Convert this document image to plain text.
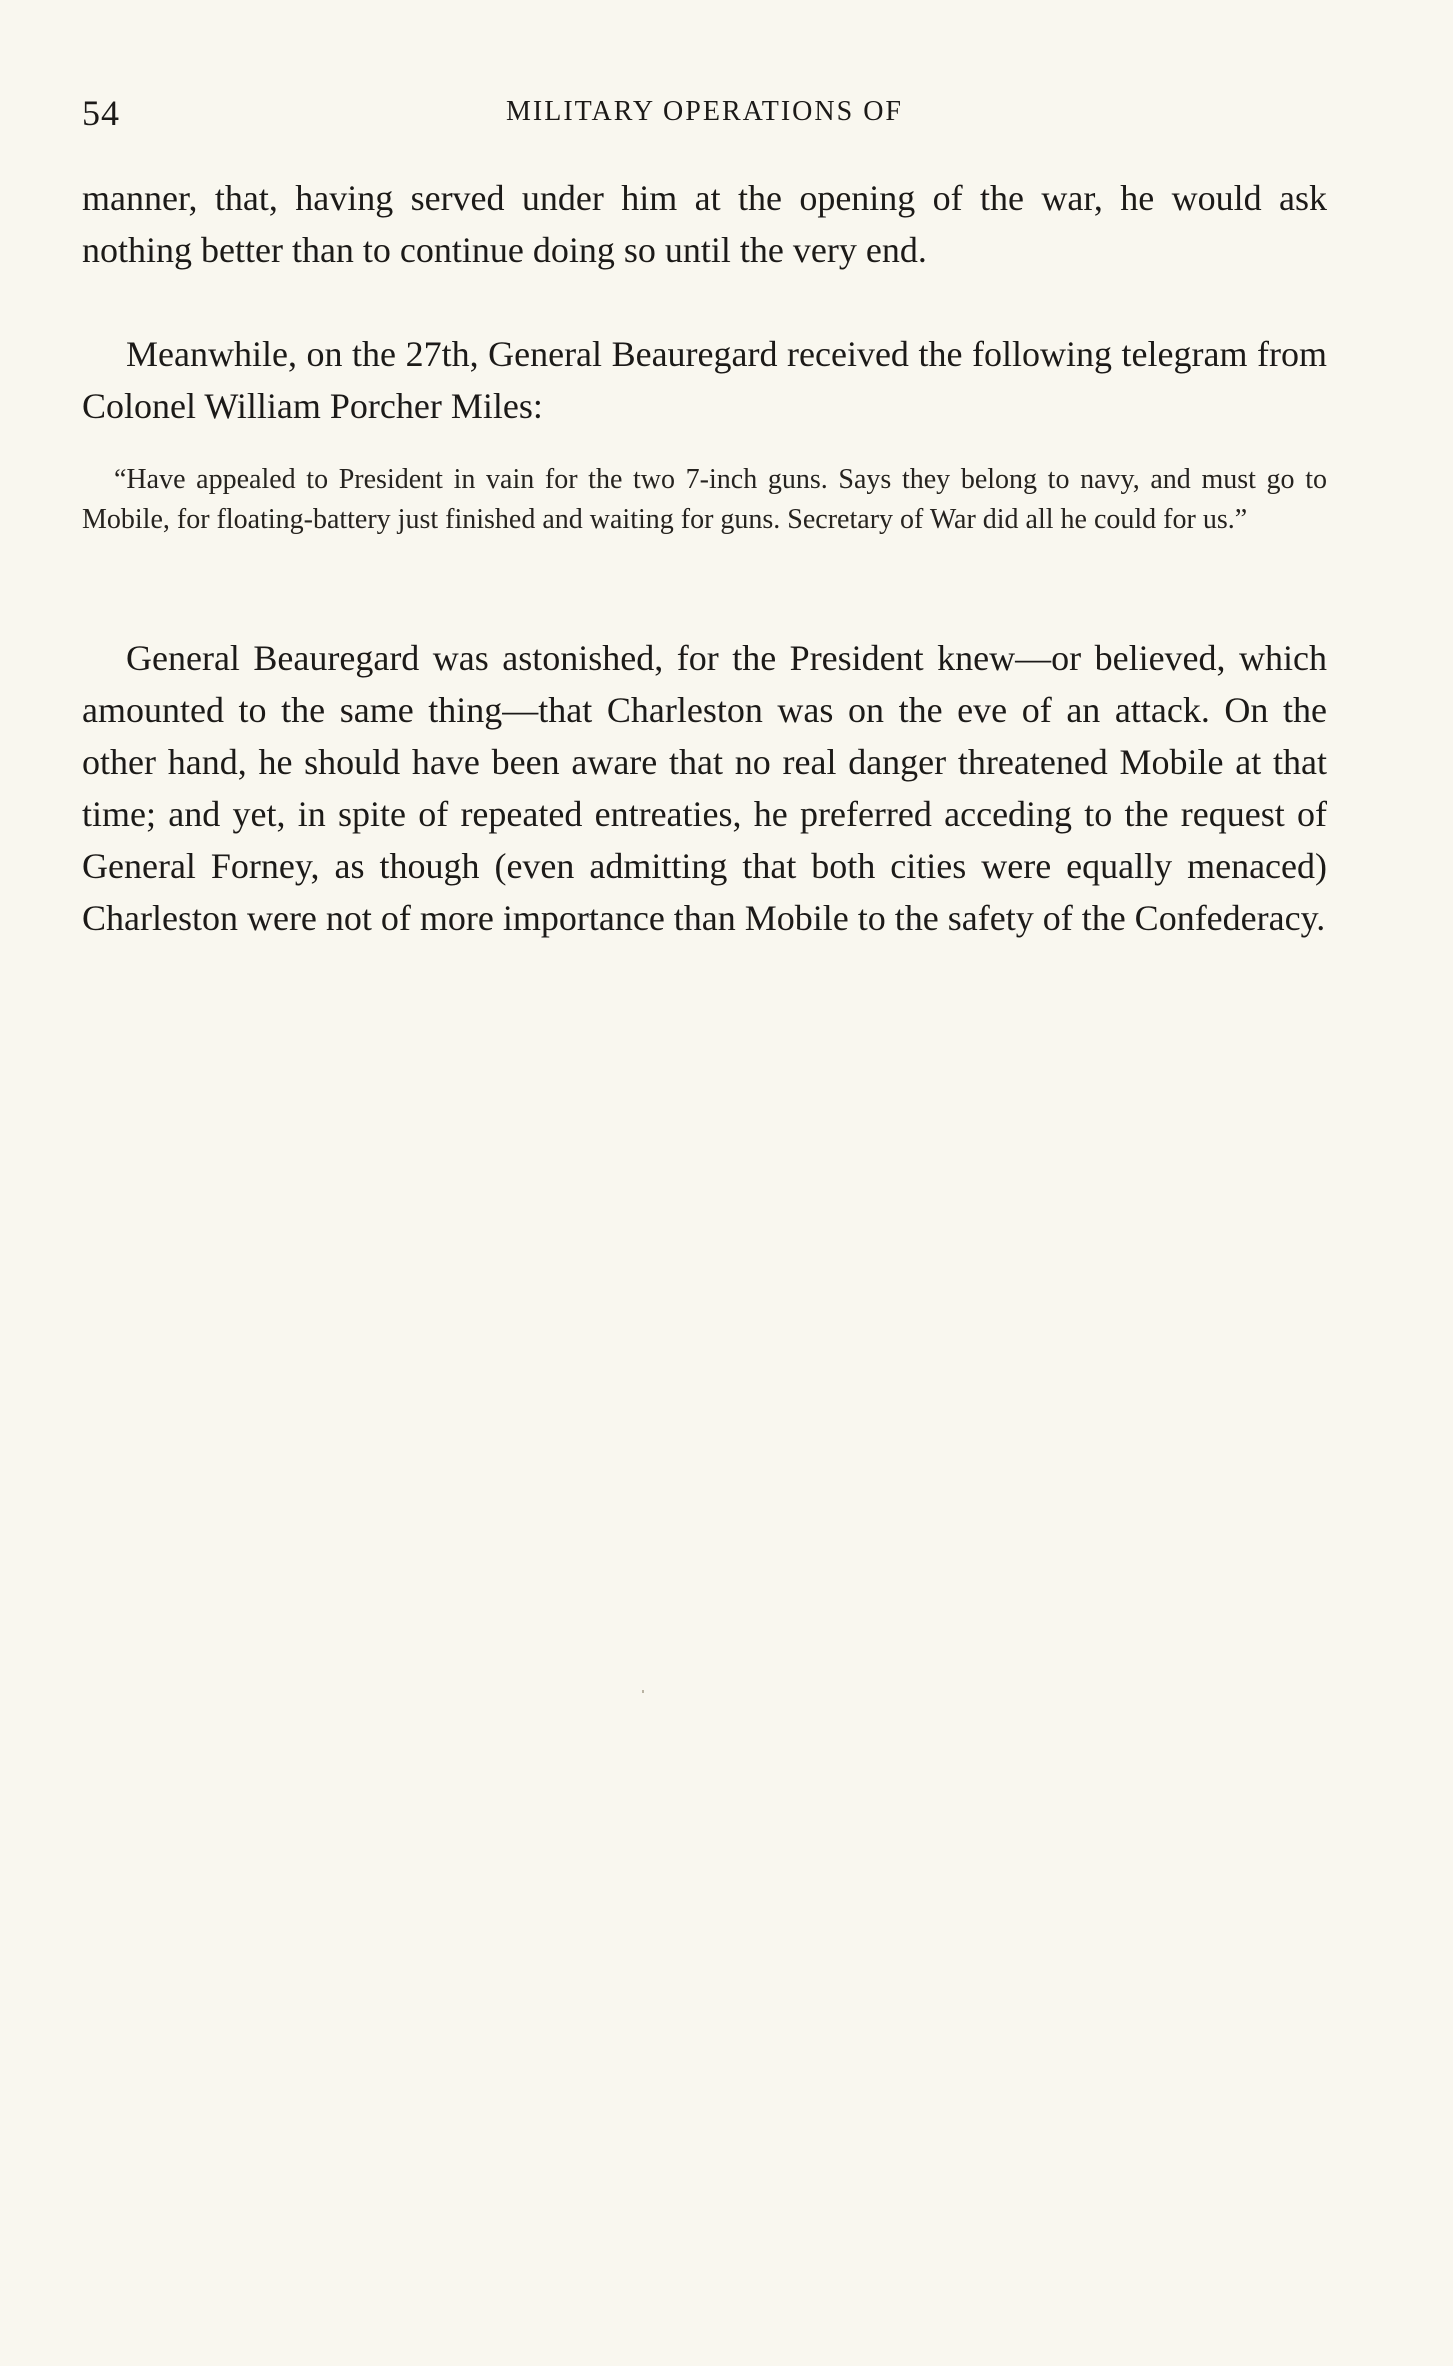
54	MILITARY OPERATIONS OF

manner, that, having served under him at the opening of the war, he would ask nothing better than to continue doing so until the very end.

Meanwhile, on the 27th, General Beauregard received the following telegram from Colonel William Porcher Miles:

“Have appealed to President in vain for the two 7-inch guns. Says they belong to navy, and must go to Mobile, for floating-battery just finished and waiting for guns. Secretary of War did all he could for us.”

General Beauregard was astonished, for the President knew—or believed, which amounted to the same thing—that Charleston was on the eve of an attack. On the other hand, he should have been aware that no real danger threatened Mobile at that time; and yet, in spite of repeated entreaties, he preferred acceding to the request of General Forney, as though (even admitting that both cities were equally menaced) Charleston were not of more importance than Mobile to the safety of the Confederacy.
